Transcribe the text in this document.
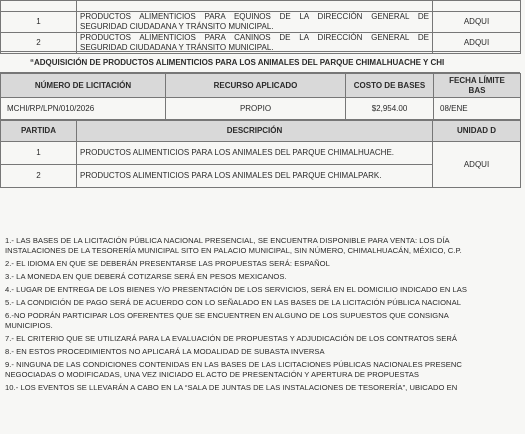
1	PRODUCTOS ALIMENTICIOS PARA EQUINOS DE LA DIRECCIÓN GENERAL DE
SEGURIDAD CIUDADANA Y TRÁNSITO MUNICIPAL.	ADQUI
2	PRODUCTOS ALIMENTICIOS PARA CANINOS DE LA DIRECCIÓN GENERAL DE
SEGURIDAD CIUDADANA Y TRÁNSITO MUNICIPAL.	ADQUI
“ADQUISICIÓN DE PRODUCTOS ALIMENTICIOS PARA LOS ANIMALES DEL PARQUE CHIMALHUACHE Y CHI
NÚMERO DE LICITACIÓN	RECURSO APLICADO	COSTO DE BASES	FECHA LÍMITE
BAS

MCHI/RP/LPN/010/2026	PROPIO	$2,954.00	08/ENE
PARTIDA	DESCRIPCIÓN	UNIDAD D
1	PRODUCTOS ALIMENTICIOS PARA LOS ANIMALES DEL PARQUE CHIMALHUACHE.	ADQUI
2	PRODUCTOS ALIMENTICIOS PARA LOS ANIMALES DEL PARQUE CHIMALPARK.	
1.- LAS BASES DE LA LICITACIÓN PÚBLICA NACIONAL PRESENCIAL, SE ENCUENTRA DISPONIBLE PARA VENTA: LOS DÍA
INSTALACIONES DE LA TESORERÍA MUNICIPAL SITO EN PALACIO MUNICIPAL, SIN NÚMERO, CHIMALHUACÁN, MÉXICO, C.P.
2.- EL IDIOMA EN QUE SE DEBERÁN PRESENTARSE LAS PROPUESTAS SERÁ: ESPAÑOL
3.- LA MONEDA EN QUE DEBERÁ COTIZARSE SERÁ EN PESOS MEXICANOS.
4.- LUGAR DE ENTREGA DE LOS BIENES Y/O PRESENTACIÓN DE LOS SERVICIOS, SERÁ EN EL DOMICILIO INDICADO EN LAS
5.- LA CONDICIÓN DE PAGO SERÁ DE ACUERDO CON LO SEÑALADO EN LAS BASES DE LA LICITACIÓN PÚBLICA NACIONAL
6.-NO PODRÁN PARTICIPAR LOS OFERENTES QUE SE ENCUENTREN EN ALGUNO DE LOS SUPUESTOS QUE CONSIGNA
MUNICIPIOS.
7.- EL CRITERIO QUE SE UTILIZARÁ PARA LA EVALUACIÓN DE PROPUESTAS Y ADJUDICACIÓN DE LOS CONTRATOS SERÁ
8.- EN ESTOS PROCEDIMIENTOS NO APLICARÁ LA MODALIDAD DE SUBASTA INVERSA
9.- NINGUNA DE LAS CONDICIONES CONTENIDAS EN LAS BASES DE LAS LICITACIONES PÚBLICAS NACIONALES PRESENC
NEGOCIADAS O MODIFICADAS, UNA VEZ INICIADO EL ACTO DE PRESENTACIÓN Y APERTURA DE PROPUESTAS
10.- LOS EVENTOS SE LLEVARÁN A CABO EN LA “SALA DE JUNTAS DE LAS INSTALACIONES DE TESORERÍA”, UBICADO EN
